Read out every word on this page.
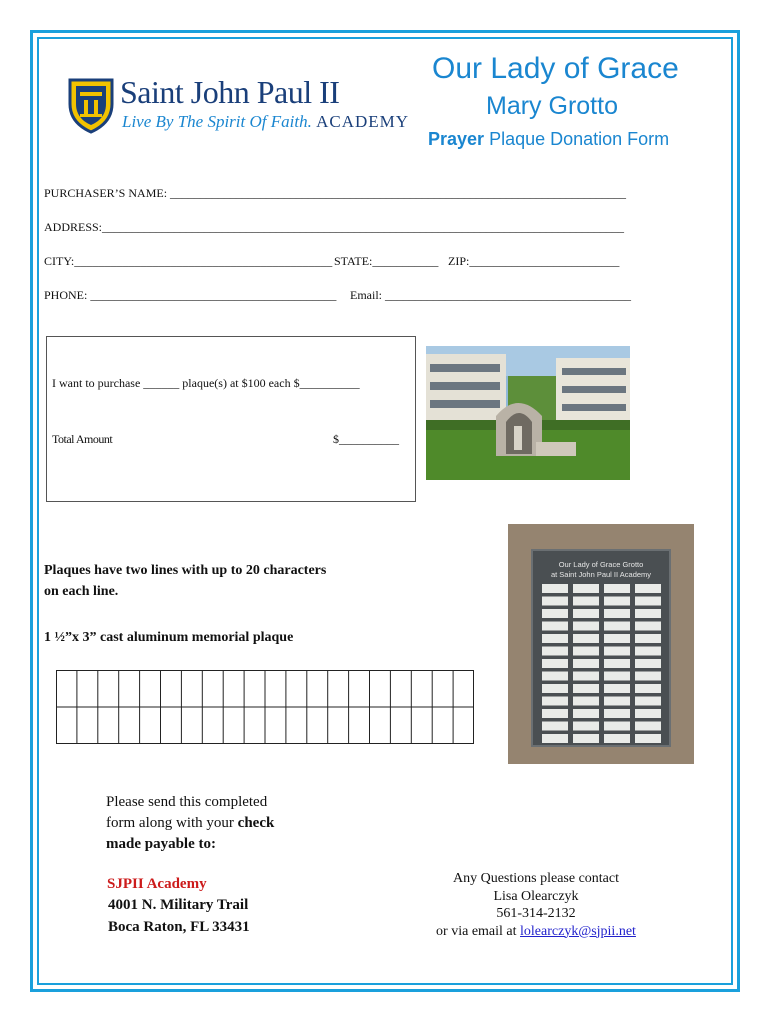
Saint John Paul II
Live By The Spirit Of Faith. ACADEMY
Our Lady of Grace
Mary Grotto
Prayer Plaque Donation Form
PURCHASER’S NAME: ____________________________________________________________________________
ADDRESS:_______________________________________________________________________________________
CITY:___________________________________________ STATE:___________ ZIP:_________________________
PHONE: _________________________________________ Email: _________________________________________
I want to purchase ______ plaque(s) at $100 each $__________
Total Amount	$__________
Our Lady of Grace Grotto
at Saint John Paul II Academy
Plaques have two lines with up to 20 characters
on each line.
1 ½”x 3” cast aluminum memorial plaque
Please send this completed
form along with your check
made payable to:
SJPII Academy
4001 N. Military Trail
Boca Raton, FL 33431
Any Questions please contact
Lisa Olearczyk
561-314-2132
or via email at lolearczyk@sjpii.net
